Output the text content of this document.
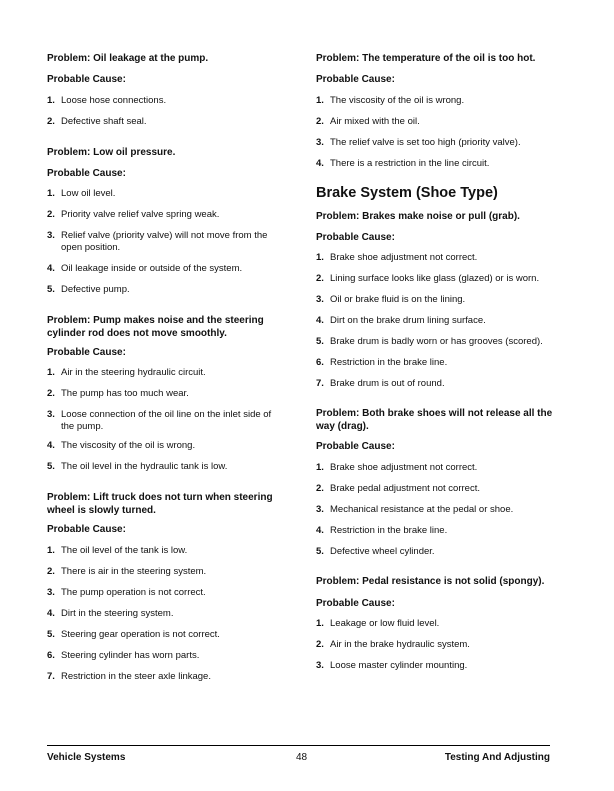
Problem: Oil leakage at the pump.
Probable Cause:
1. Loose hose connections.
2. Defective shaft seal.
Problem: Low oil pressure.
Probable Cause:
1. Low oil level.
2. Priority valve relief valve spring weak.
3. Relief valve (priority valve) will not move from the open position.
4. Oil leakage inside or outside of the system.
5. Defective pump.
Problem: Pump makes noise and the steering cylinder rod does not move smoothly.
Probable Cause:
1. Air in the steering hydraulic circuit.
2. The pump has too much wear.
3. Loose connection of the oil line on the inlet side of the pump.
4. The viscosity of the oil is wrong.
5. The oil level in the hydraulic tank is low.
Problem: Lift truck does not turn when steering wheel is slowly turned.
Probable Cause:
1. The oil level of the tank is low.
2. There is air in the steering system.
3. The pump operation is not correct.
4. Dirt in the steering system.
5. Steering gear operation is not correct.
6. Steering cylinder has worn parts.
7. Restriction in the steer axle linkage.
Problem: The temperature of the oil is too hot.
Probable Cause:
1. The viscosity of the oil is wrong.
2. Air mixed with the oil.
3. The relief valve is set too high (priority valve).
4. There is a restriction in the line circuit.
Brake System (Shoe Type)
Problem: Brakes make noise or pull (grab).
Probable Cause:
1. Brake shoe adjustment not correct.
2. Lining surface looks like glass (glazed) or is worn.
3. Oil or brake fluid is on the lining.
4. Dirt on the brake drum lining surface.
5. Brake drum is badly worn or has grooves (scored).
6. Restriction in the brake line.
7. Brake drum is out of round.
Problem: Both brake shoes will not release all the way (drag).
Probable Cause:
1. Brake shoe adjustment not correct.
2. Brake pedal adjustment not correct.
3. Mechanical resistance at the pedal or shoe.
4. Restriction in the brake line.
5. Defective wheel cylinder.
Problem: Pedal resistance is not solid (spongy).
Probable Cause:
1. Leakage or low fluid level.
2. Air in the brake hydraulic system.
3. Loose master cylinder mounting.
Vehicle Systems	48	Testing And Adjusting
